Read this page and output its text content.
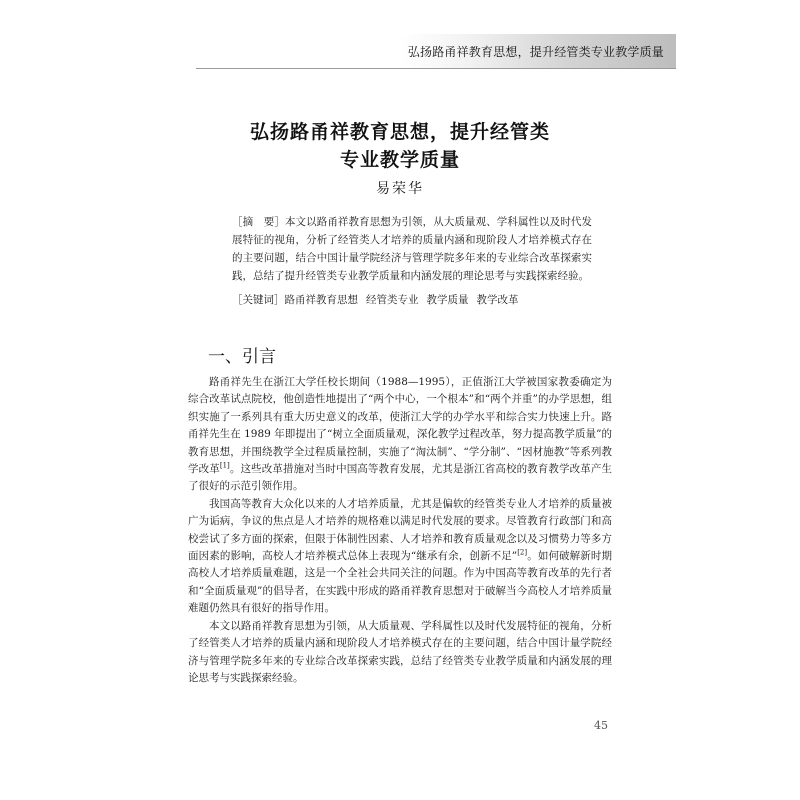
弘扬路甬祥教育思想，提升经管类专业教学质量
弘扬路甬祥教育思想，提升经管类
专业教学质量
易荣华

［摘　要］本文以路甬祥教育思想为引领，从大质量观、学科属性以及时代发展特征的视角，分析了经管类人才培养的质量内涵和现阶段人才培养模式存在的主要问题，结合中国计量学院经济与管理学院多年来的专业综合改革探索实践，总结了提升经管类专业教学质量和内涵发展的理论思考与实践探索经验。

［关键词］路甬祥教育思想 经管类专业 教学质量 教学改革
一、引言

路甬祥先生在浙江大学任校长期间（1988—1995），正值浙江大学被国家教委确定为综合改革试点院校，他创造性地提出了“两个中心，一个根本”和“两个并重”的办学思想，组织实施了一系列具有重大历史意义的改革，使浙江大学的办学水平和综合实力快速上升。路甬祥先生在 1989 年即提出了“树立全面质量观，深化教学过程改革，努力提高教学质量”的教育思想，并围绕教学全过程质量控制，实施了“淘汰制”、“学分制”、“因材施教”等系列教学改革[1]。这些改革措施对当时中国高等教育发展，尤其是浙江省高校的教育教学改革产生了很好的示范引领作用。

我国高等教育大众化以来的人才培养质量，尤其是偏软的经管类专业人才培养的质量被广为诟病，争议的焦点是人才培养的规格难以满足时代发展的要求。尽管教育行政部门和高校尝试了多方面的探索，但限于体制性因素、人才培养和教育质量观念以及习惯势力等多方面因素的影响，高校人才培养模式总体上表现为“继承有余，创新不足”[2]。如何破解新时期高校人才培养质量难题，这是一个全社会共同关注的问题。作为中国高等教育改革的先行者和“全面质量观”的倡导者，在实践中形成的路甬祥教育思想对于破解当今高校人才培养质量难题仍然具有很好的指导作用。

本文以路甬祥教育思想为引领，从大质量观、学科属性以及时代发展特征的视角，分析了经管类人才培养的质量内涵和现阶段人才培养模式存在的主要问题，结合中国计量学院经济与管理学院多年来的专业综合改革探索实践，总结了经管类专业教学质量和内涵发展的理论思考与实践探索经验。

45
